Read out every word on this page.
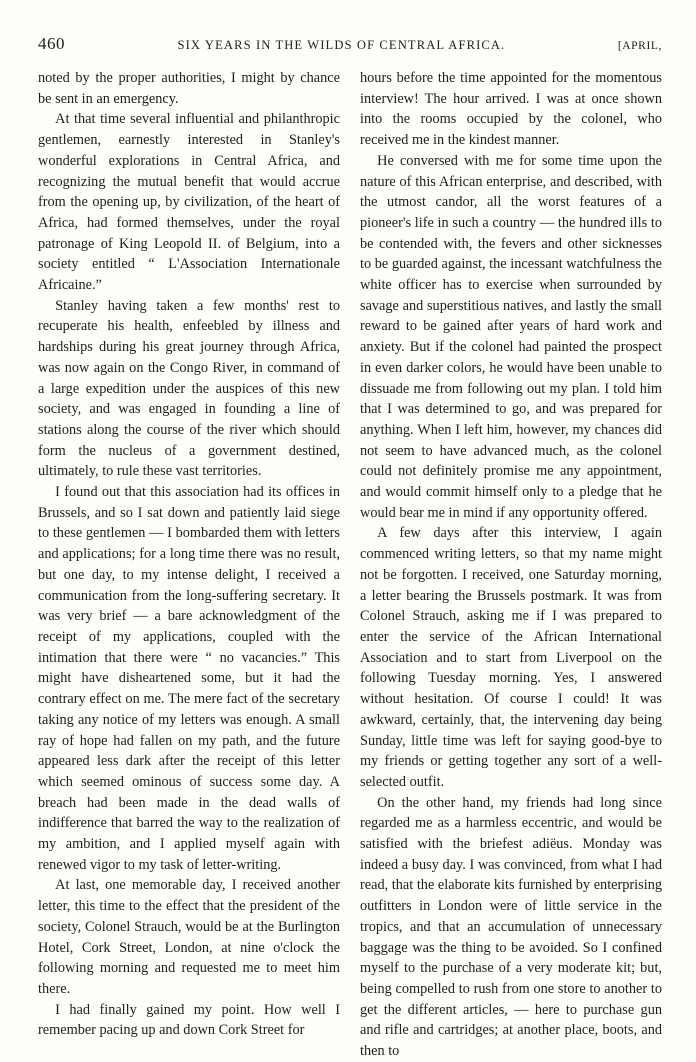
460	SIX YEARS IN THE WILDS OF CENTRAL AFRICA.	[APRIL,

noted by the proper authorities, I might by chance be sent in an emergency.

At that time several influential and philanthropic gentlemen, earnestly interested in Stanley's wonderful explorations in Central Africa, and recognizing the mutual benefit that would accrue from the opening up, by civilization, of the heart of Africa, had formed themselves, under the royal patronage of King Leopold II. of Belgium, into a society entitled “ L'Association Internationale Africaine.”

Stanley having taken a few months' rest to recuperate his health, enfeebled by illness and hardships during his great journey through Africa, was now again on the Congo River, in command of a large expedition under the auspices of this new society, and was engaged in founding a line of stations along the course of the river which should form the nucleus of a government destined, ultimately, to rule these vast territories.

I found out that this association had its offices in Brussels, and so I sat down and patiently laid siege to these gentlemen — I bombarded them with letters and applications; for a long time there was no result, but one day, to my intense delight, I received a communication from the long-suffering secretary. It was very brief — a bare acknowledgment of the receipt of my applications, coupled with the intimation that there were “ no vacancies.” This might have disheartened some, but it had the contrary effect on me. The mere fact of the secretary taking any notice of my letters was enough. A small ray of hope had fallen on my path, and the future appeared less dark after the receipt of this letter which seemed ominous of success some day. A breach had been made in the dead walls of indifference that barred the way to the realization of my ambition, and I applied myself again with renewed vigor to my task of letter-writing.

At last, one memorable day, I received another letter, this time to the effect that the president of the society, Colonel Strauch, would be at the Burlington Hotel, Cork Street, London, at nine o'clock the following morning and requested me to meet him there.

I had finally gained my point. How well I remember pacing up and down Cork Street for

hours before the time appointed for the momentous interview! The hour arrived. I was at once shown into the rooms occupied by the colonel, who received me in the kindest manner.

He conversed with me for some time upon the nature of this African enterprise, and described, with the utmost candor, all the worst features of a pioneer's life in such a country — the hundred ills to be contended with, the fevers and other sicknesses to be guarded against, the incessant watchfulness the white officer has to exercise when surrounded by savage and superstitious natives, and lastly the small reward to be gained after years of hard work and anxiety. But if the colonel had painted the prospect in even darker colors, he would have been unable to dissuade me from following out my plan. I told him that I was determined to go, and was prepared for anything. When I left him, however, my chances did not seem to have advanced much, as the colonel could not definitely promise me any appointment, and would commit himself only to a pledge that he would bear me in mind if any opportunity offered.

A few days after this interview, I again commenced writing letters, so that my name might not be forgotten. I received, one Saturday morning, a letter bearing the Brussels postmark. It was from Colonel Strauch, asking me if I was prepared to enter the service of the African International Association and to start from Liverpool on the following Tuesday morning. Yes, I answered without hesitation. Of course I could! It was awkward, certainly, that, the intervening day being Sunday, little time was left for saying good-bye to my friends or getting together any sort of a well-selected outfit.

On the other hand, my friends had long since regarded me as a harmless eccentric, and would be satisfied with the briefest adiëus. Monday was indeed a busy day. I was convinced, from what I had read, that the elaborate kits furnished by enterprising outfitters in London were of little service in the tropics, and that an accumulation of unnecessary baggage was the thing to be avoided. So I confined myself to the purchase of a very moderate kit; but, being compelled to rush from one store to another to get the different articles, — here to purchase gun and rifle and cartridges; at another place, boots, and then to
